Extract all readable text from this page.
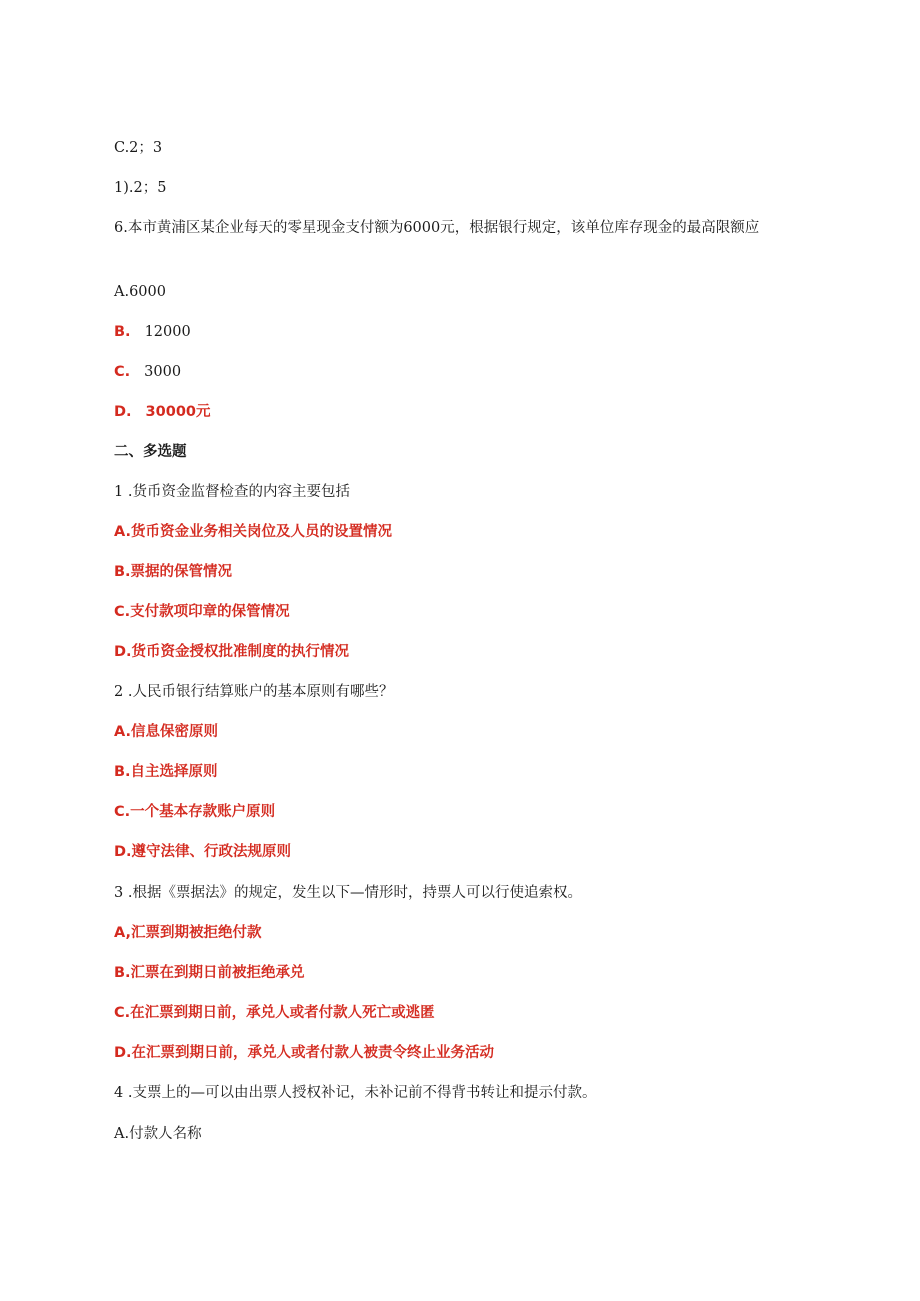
C.2；3
1).2；5
6.本市黄浦区某企业每天的零星现金支付额为6000元，根据银行规定，该单位库存现金的最高限额应
A.6000
B. 12000
C. 3000
D. 30000元
二、多选题
1 .货币资金监督检查的内容主要包括
A.货币资金业务相关岗位及人员的设置情况
B.票据的保管情况
C.支付款项印章的保管情况
D.货币资金授权批准制度的执行情况
2 .人民币银行结算账户的基本原则有哪些？
A.信息保密原则
B.自主选择原则
C.一个基本存款账户原则
D.遵守法律、行政法规原则
3 .根据《票据法》的规定，发生以下—情形时，持票人可以行使追索权。
A,汇票到期被拒绝付款
B.汇票在到期日前被拒绝承兑
C.在汇票到期日前，承兑人或者付款人死亡或逃匿
D.在汇票到期日前，承兑人或者付款人被责令终止业务活动
4 .支票上的—可以由出票人授权补记，未补记前不得背书转让和提示付款。
A.付款人名称
